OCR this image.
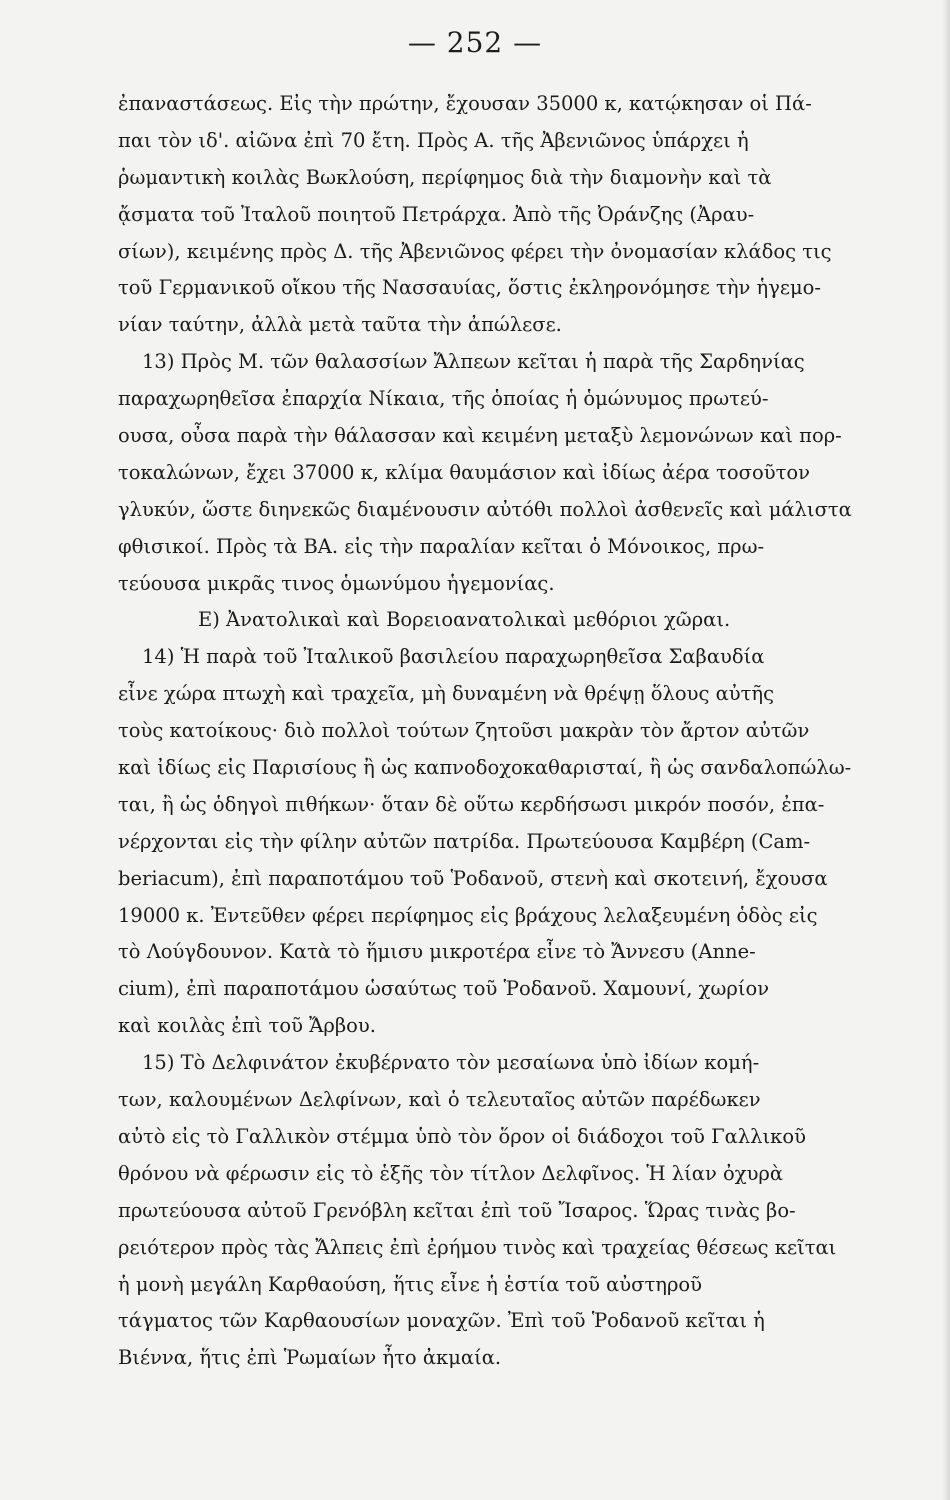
— 252 —
ἐπαναστάσεως. Εἰς τὴν πρώτην, ἔχουσαν 35000 κ, κατῴκησαν οἱ Πά-
παι τὸν ιδ'. αἰῶνα ἐπὶ 70 ἔτη. Πρὸς Α. τῆς Ἀβενιῶνος ὑπάρχει ἡ
ῥωμαντικὴ κοιλὰς Βωκλούση, περίφημος διὰ τὴν διαμονὴν καὶ τὰ
ᾄσματα τοῦ Ἰταλοῦ ποιητοῦ Πετράρχα. Ἀπὸ τῆς Ὀράνζης (Ἀραυ-
σίων), κειμένης πρὸς Δ. τῆς Ἀβενιῶνος φέρει τὴν ὀνομασίαν κλάδος τις
τοῦ Γερμανικοῦ οἴκου τῆς Νασσαυίας, ὅστις ἐκληρονόμησε τὴν ἡγεμο-
νίαν ταύτην, ἀλλὰ μετὰ ταῦτα τὴν ἀπώλεσε.
13) Πρὸς Μ. τῶν θαλασσίων Ἄλπεων κεῖται ἡ παρὰ τῆς Σαρδηνίας
παραχωρηθεῖσα ἐπαρχία Νίκαια, τῆς ὁποίας ἡ ὁμώνυμος πρωτεύ-
ουσα, οὖσα παρὰ τὴν θάλασσαν καὶ κειμένη μεταξὺ λεμονώνων καὶ πορ-
τοκαλώνων, ἔχει 37000 κ, κλίμα θαυμάσιον καὶ ἰδίως ἀέρα τοσοῦτον
γλυκύν, ὥστε διηνεκῶς διαμένουσιν αὐτόθι πολλοὶ ἀσθενεῖς καὶ μάλιστα
φθισικοί. Πρὸς τὰ ΒΑ. εἰς τὴν παραλίαν κεῖται ὁ Μόνοικος, πρω-
τεύουσα μικρᾶς τινος ὁμωνύμου ἡγεμονίας.
Ε) Ἀνατολικαὶ καὶ Βορειοανατολικαὶ μεθόριοι χῶραι.
14) Ἡ παρὰ τοῦ Ἰταλικοῦ βασιλείου παραχωρηθεῖσα Σαβαυδία
εἶνε χώρα πτωχὴ καὶ τραχεῖα, μὴ δυναμένη νὰ θρέψῃ ὅλους αὐτῆς
τοὺς κατοίκους· διὸ πολλοὶ τούτων ζητοῦσι μακρὰν τὸν ἄρτον αὐτῶν
καὶ ἰδίως εἰς Παρισίους ἢ ὡς καπνοδοχοκαθαρισταί, ἢ ὡς σανδαλοπώλω-
ται, ἢ ὡς ὁδηγοὶ πιθήκων· ὅταν δὲ οὕτω κερδήσωσι μικρόν ποσόν, ἐπα-
νέρχονται εἰς τὴν φίλην αὐτῶν πατρίδα. Πρωτεύουσα Καμβέρη (Cam-
beriacum), ἐπὶ παραποτάμου τοῦ Ῥοδανοῦ, στενὴ καὶ σκοτεινή, ἔχουσα
19000 κ. Ἐντεῦθεν φέρει περίφημος εἰς βράχους λελαξευμένη ὁδὸς εἰς
τὸ Λούγδουνον. Κατὰ τὸ ἥμισυ μικροτέρα εἶνε τὸ Ἄννεσυ (Anne-
cium), ἐπὶ παραποτάμου ὡσαύτως τοῦ Ῥοδανοῦ. Χαμουνί, χωρίον
καὶ κοιλὰς ἐπὶ τοῦ Ἄρβου.
15) Τὸ Δελφινάτον ἐκυβέρνατο τὸν μεσαίωνα ὑπὸ ἰδίων κομή-
των, καλουμένων Δελφίνων, καὶ ὁ τελευταῖος αὐτῶν παρέδωκεν
αὐτὸ εἰς τὸ Γαλλικὸν στέμμα ὑπὸ τὸν ὅρον οἱ διάδοχοι τοῦ Γαλλικοῦ
θρόνου νὰ φέρωσιν εἰς τὸ ἑξῆς τὸν τίτλον Δελφῖνος. Ἡ λίαν ὀχυρὰ
πρωτεύουσα αὐτοῦ Γρενόβλη κεῖται ἐπὶ τοῦ Ἴσαρος. Ὥρας τινὰς βο-
ρειότερον πρὸς τὰς Ἄλπεις ἐπὶ ἐρήμου τινὸς καὶ τραχείας θέσεως κεῖται
ἡ μονὴ μεγάλη Καρθαούση, ἥτις εἶνε ἡ ἑστία τοῦ αὐστηροῦ
τάγματος τῶν Καρθαουσίων μοναχῶν. Ἐπὶ τοῦ Ῥοδανοῦ κεῖται ἡ
Βιέννα, ἥτις ἐπὶ Ῥωμαίων ἦτο ἀκμαία.
